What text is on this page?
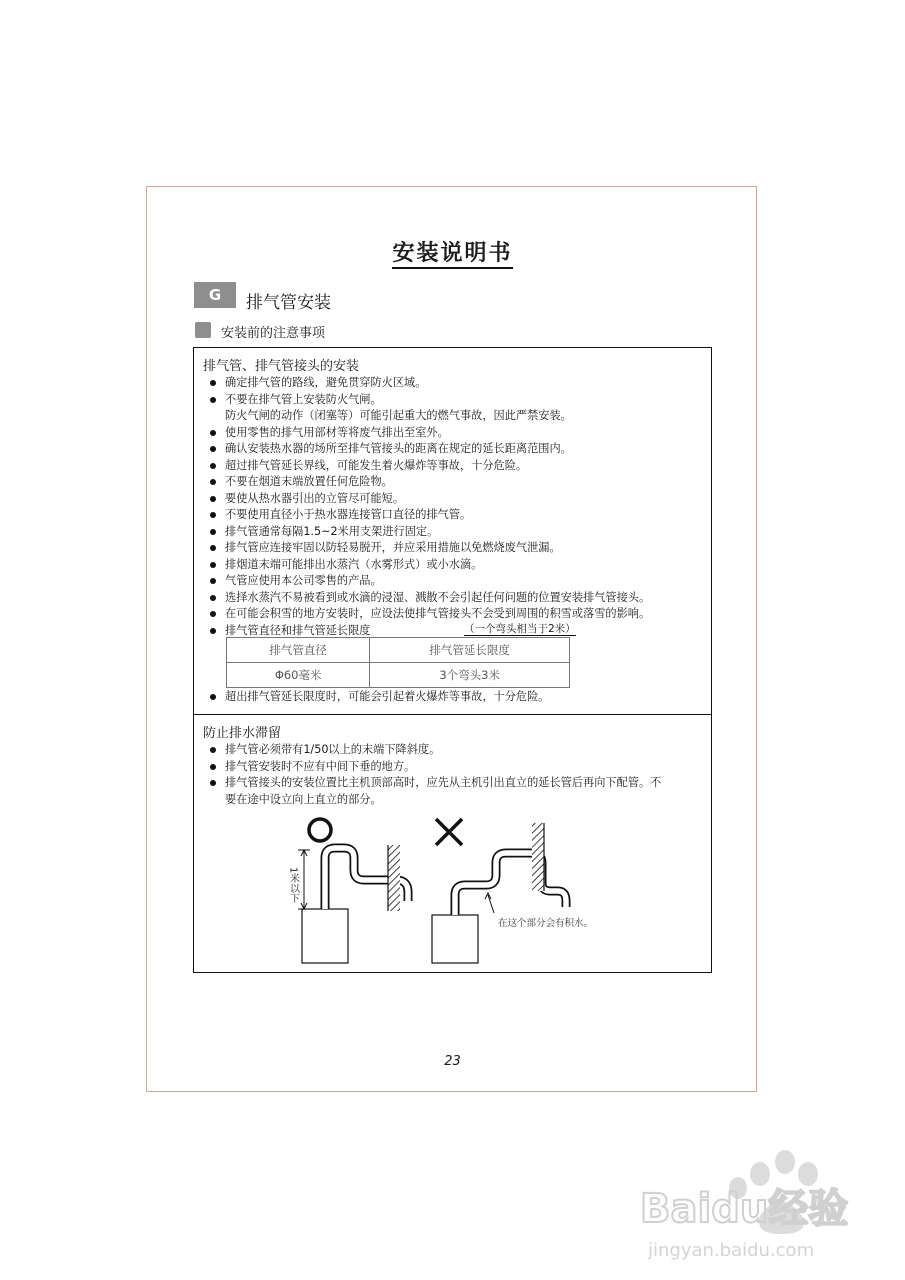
安装说明书
G	排气管安装
安装前的注意事项
排气管、排气管接头的安装
确定排气管的路线，避免贯穿防火区域。
不要在排气管上安装防火气闸。
防火气闸的动作（闭塞等）可能引起重大的燃气事故，因此严禁安装。
使用零售的排气用部材等将废气排出至室外。
确认安装热水器的场所至排气管接头的距离在规定的延长距离范围内。
超过排气管延长界线，可能发生着火爆炸等事故，十分危险。
不要在烟道末端放置任何危险物。
要使从热水器引出的立管尽可能短。
不要使用直径小于热水器连接管口直径的排气管。
排气管通常每隔1.5~2米用支架进行固定。
排气管应连接牢固以防轻易脱开，并应采用措施以免燃烧废气泄漏。
排烟道末端可能排出水蒸汽（水雾形式）或小水滴。
气管应使用本公司零售的产品。
选择水蒸汽不易被看到或水滴的浸湿、溅散不会引起任何问题的位置安装排气管接头。
在可能会积雪的地方安装时，应设法使排气管接头不会受到周围的积雪或落雪的影响。
排气管直径和排气管延长限度	（一个弯头相当于2米）
排气管直径	排气管延长限度
Φ60毫米	3个弯头3米
超出排气管延长限度时，可能会引起着火爆炸等事故，十分危险。
防止排水滞留
排气管必须带有1/50以上的末端下降斜度。
排气管安装时不应有中间下垂的地方。
排气管接头的安装位置比主机顶部高时，应先从主机引出直立的延长管后再向下配管。不
要在途中设立向上直立的部分。
1米以下
在这个部分会有积水。
23
Baidu经验
jingyan.baidu.com
